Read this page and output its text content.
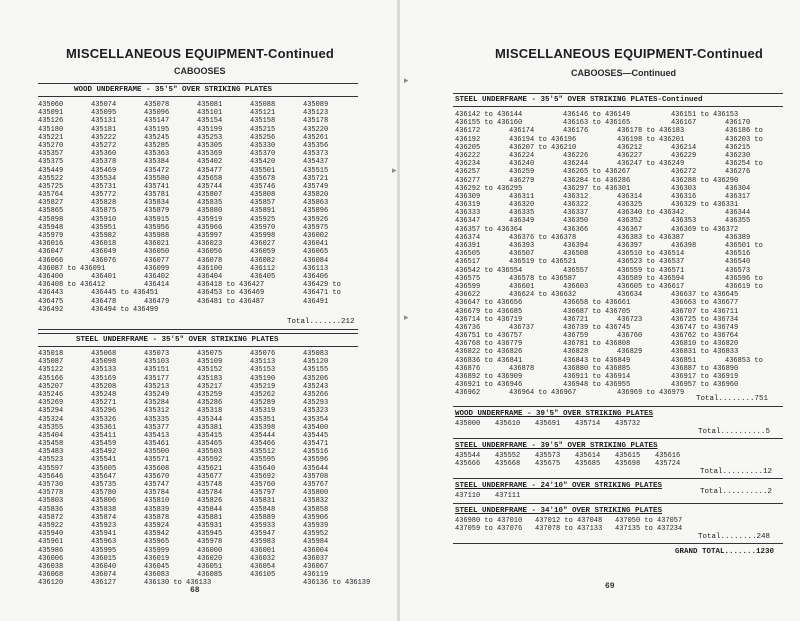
MISCELLANEOUS EQUIPMENT-Continued
CABOOSES
WOOD UNDERFRAME - 35'5" OVER STRIKING PLATES
435060	435074	435078	435081	435088	435089
435091	435095	435096	435101	435121	435123
435126	435131	435147	435154	435158	435178
435180	435181	435195	435199	435215	435220
435221	435222	435245	435253	435256	435261
435270	435272	435285	435305	435330	435356
435357	435360	435363	435369	435370	435373
435375	435378	435384	435402	435420	435437
435449	435469	435472	435477	435501	435515
435522	435534	435580	435658	435678	435721
435725	435731	435741	435744	435746	435749
435764	435772	435781	435807	435808	435820
435827	435828	435834	435835	435857	435863
435865	435875	435879	435880	435891	435896
435898	435910	435915	435919	435925	435926
435948	435951	435956	435966	435970	435975
435979	435982	435988	435997	435998	436002
436016	436018	436021	436023	436027	436041
436047	436049	436050	436056	436059	436065
436066	436076	436077	436078	436082	436084
436087 to 436091	436099	436100	436112	436113
436400	436401	436402	436404	436405	436406
436408 to 436412	436414	436418 to 436427	436429 to
436443	436445 to 436451	436453 to 436469	436471 to
436475	436478	436479	436481 to 436487	436491
436492	436494 to 436499
Total.......212
STEEL UNDERFRAME - 35'5" OVER STRIKING PLATES
435018	435068	435073	435075	435076	435083
435087	435098	435103	435109	435113	435120
435122	435133	435151	435152	435153	435155
435166	435169	435177	435183	435190	435206
435207	435208	435213	435217	435219	435243
435246	435248	435249	435259	435262	435266
435269	435271	435284	435286	435289	435293
435294	435296	435312	435318	435319	435323
435324	435326	435335	435344	435351	435354
435355	435361	435377	435381	435398	435400
435404	435411	435413	435415	435444	435445
435458	435459	435461	435465	435466	435471
435483	435492	435500	435503	435512	435516
435523	435541	435571	435592	435595	435596
435597	435605	435608	435621	435640	435644
435646	435647	435670	435677	435692	435708
435730	435735	435747	435748	435760	435767
435778	435780	435784	435784	435797	435800
435803	435806	435810	435826	435831	435832
435836	435838	435839	435844	435848	435858
435872	435874	435878	435881	435889	435906
435922	435923	435924	435931	435933	435939
435940	435941	435942	435945	435947	435952
435961	435963	435965	435978	435983	435984
435986	435995	435999	436000	436001	436004
436006	436015	436019	436020	436032	436037
436038	436040	436045	436051	436054	436067
436068	436074	436083	436085	436105	436119
436120	436127	436130 to 436133	436136 to 436139
68
▸
MISCELLANEOUS EQUIPMENT-Continued
CABOOSES—Continued
STEEL UNDERFRAME - 35'5" OVER STRIKING PLATES-Continued
436142 to 436144	436146 to 436149	436151 to 436153
436155 to 436160	436163 to 436165	436167	436170
436172	436174	436176	436178 to 436183	436186 to
436192	436194 to 436196	436198 to 436201	436203 to
436205	436207 to 436210	436212	436214	436215
436222	436224	436226	436227	436229	436230
436234	436240	436244	436247 to 436249	436254 to
436257	436259	436265 to 436267	436272	436276
436277	436279	436284 to 436286	436288 to 436290
436292 to 436295	436297 to 436301	436303	436304
436309	436311	436312	436314	436316	436317
436319	436320	436322	436325	436329 to 436331
436333	436335	436337	436340 to 436342	436344
436347	436349	436350	436352	436353	436355
436357 to 436364	436366	436367	436369 to 436372
436374	436376 to 436378	436383 to 436387	436389
436391	436393	436394	436397	436398	436501 to
436505	436507	436508	436510 to 436514	436516
436517	436519 to 436521	436523 to 436537	436540
436542 to 436554	436557	436559 to 436571	436573
436575	436578 to 436587	436589 to 436594	436596 to
436599	436601	436603	436605 to 436617	436619 to
436622	436624 to 436632	436634	436637 to 436645
436647 to 436656	436658 to 436661	436663 to 436677
436679 to 436685	436687 to 436705	436707 to 436711
436714 to 436719	436721	436723	436725 to 436734
436736	436737	436739 to 436745	436747 to 436749
436751 to 436757	436759	436760	436762 to 436764
436768 to 436779	436781 to 436808	436810 to 436820
436822 to 436826	436828	436829	436831 to 436833
436836 to 436841	436843 to 436849	436851	436853 to
436876	436878	436880 to 436885	436887 to 436890
436892 to 436909	436911 to 436914	436917 to 436919
436921 to 436946	436948 to 436955	436957 to 436960
436962	436964 to 436967	436969 to 436979
Total........751
WOOD UNDERFRAME - 39'5" OVER STRIKING PLATES
435000	435610	435691	435714	435732
Total..........5
STEEL UNDERFRAME - 39'5" OVER STRIKING PLATES
435544	435552	435573	435614	435615	435616
435666	435668	435675	435685	435698	435724
Total.........12
STEEL UNDERFRAME - 24'10" OVER STRIKING PLATES
437110	437111	Total..........2
STEEL UNDERFRAME - 34'10" OVER STRIKING PLATES
436980 to 437010	437012 to 437048	437050 to 437057
437059 to 437076	437078 to 437133	437135 to 437234
Total........248
GRAND TOTAL.......1230
69
▸
▸
